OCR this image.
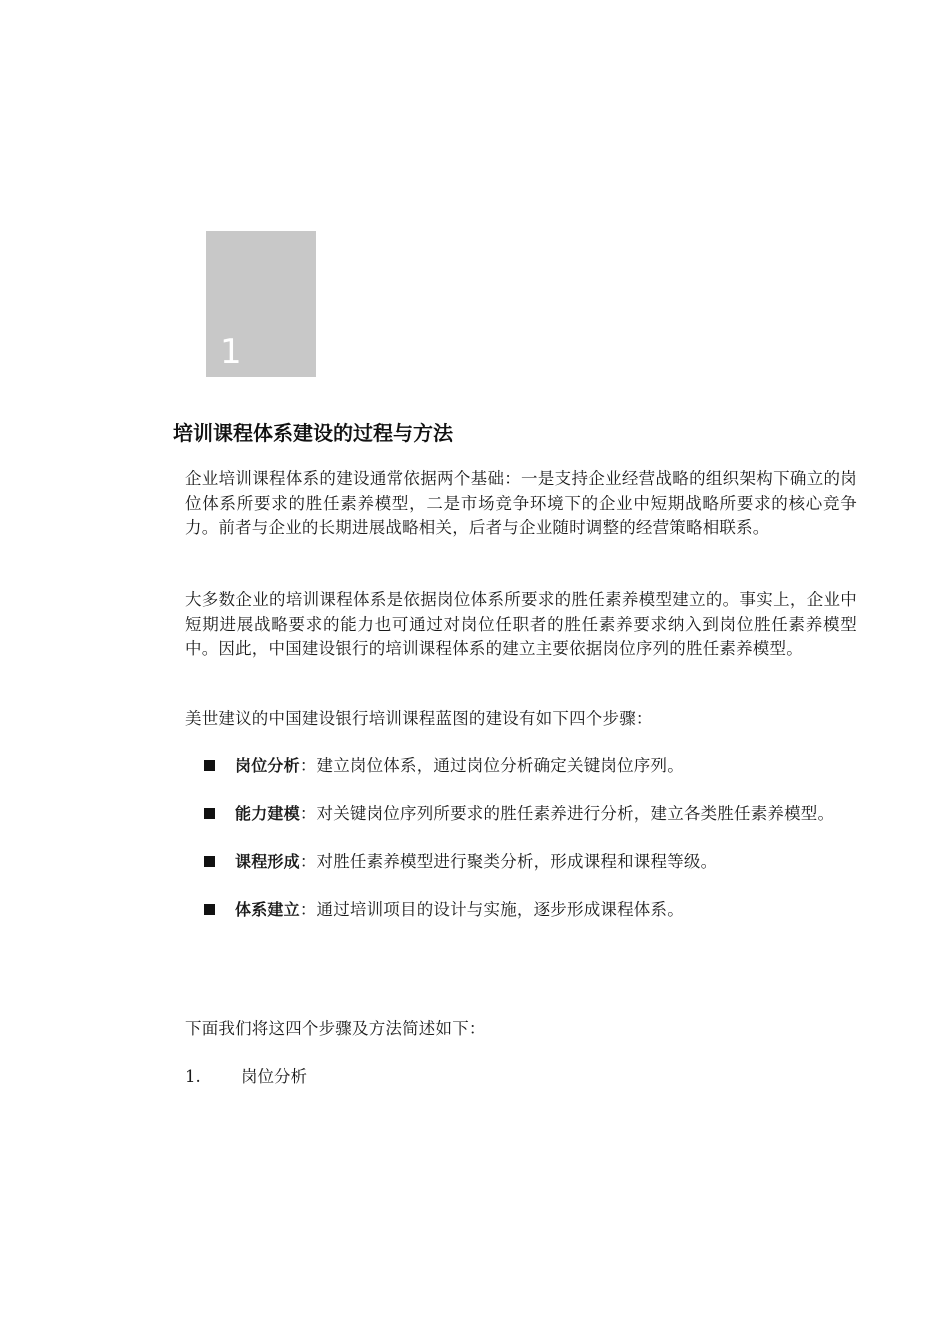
1
培训课程体系建设的过程与方法

企业培训课程体系的建设通常依据两个基础：一是支持企业经营战略的组织架构下确立的岗位体系所要求的胜任素养模型，二是市场竞争环境下的企业中短期战略所要求的核心竞争力。前者与企业的长期进展战略相关，后者与企业随时调整的经营策略相联系。

大多数企业的培训课程体系是依据岗位体系所要求的胜任素养模型建立的。事实上，企业中短期进展战略要求的能力也可通过对岗位任职者的胜任素养要求纳入到岗位胜任素养模型中。因此，中国建设银行的培训课程体系的建立主要依据岗位序列的胜任素养模型。

美世建议的中国建设银行培训课程蓝图的建设有如下四个步骤：

岗位分析：建立岗位体系，通过岗位分析确定关键岗位序列。
能力建模：对关键岗位序列所要求的胜任素养进行分析，建立各类胜任素养模型。
课程形成：对胜任素养模型进行聚类分析，形成课程和课程等级。
体系建立：通过培训项目的设计与实施，逐步形成课程体系。

下面我们将这四个步骤及方法简述如下：

1. 岗位分析
